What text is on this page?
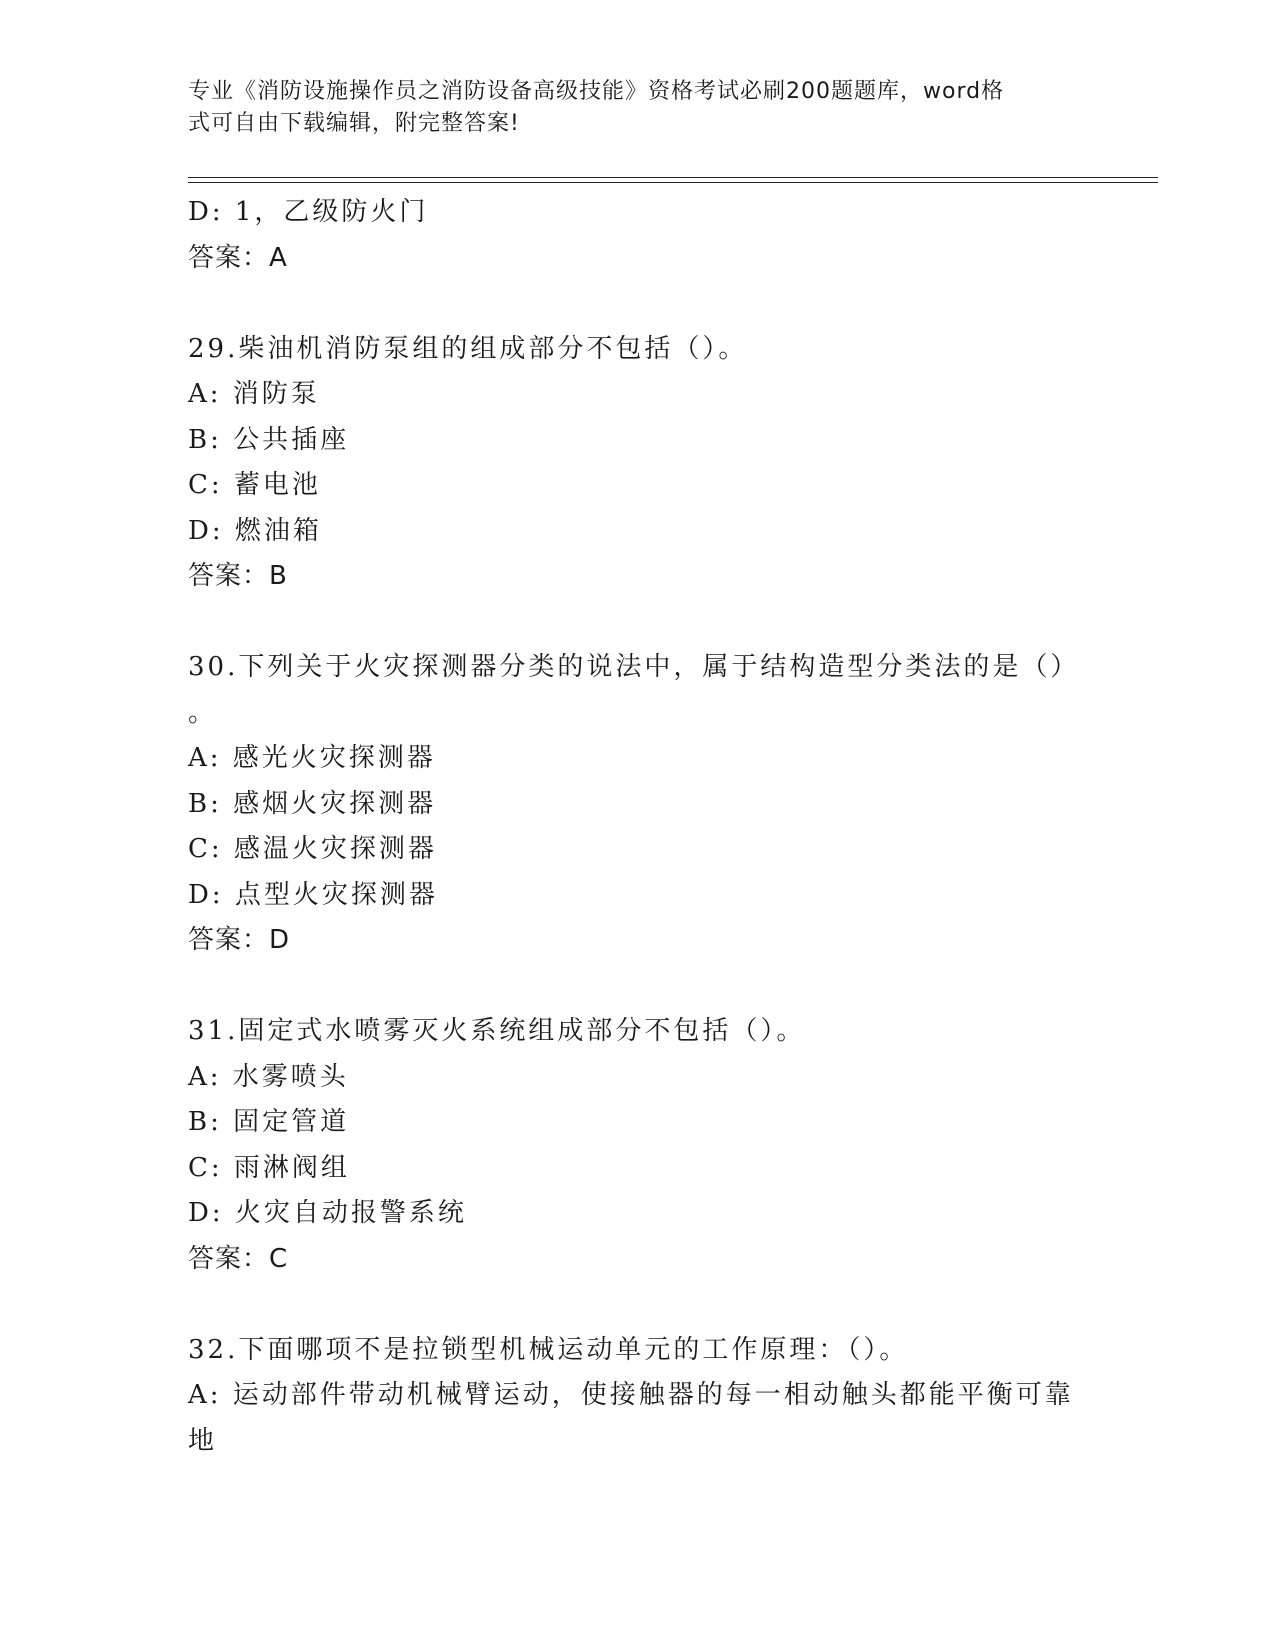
专业《消防设施操作员之消防设备高级技能》资格考试必刷200题题库，word格
式可自由下载编辑，附完整答案!
D: 1，乙级防火门
答案：A
29.柴油机消防泵组的组成部分不包括（）。
A: 消防泵
B: 公共插座
C: 蓄电池
D: 燃油箱
答案：B
30.下列关于火灾探测器分类的说法中，属于结构造型分类法的是（）
。
A: 感光火灾探测器
B: 感烟火灾探测器
C: 感温火灾探测器
D: 点型火灾探测器
答案：D
31.固定式水喷雾灭火系统组成部分不包括（）。
A: 水雾喷头
B: 固定管道
C: 雨淋阀组
D: 火灾自动报警系统
答案：C
32.下面哪项不是拉锁型机械运动单元的工作原理：（）。
A: 运动部件带动机械臂运动，使接触器的每一相动触头都能平衡可靠
地
